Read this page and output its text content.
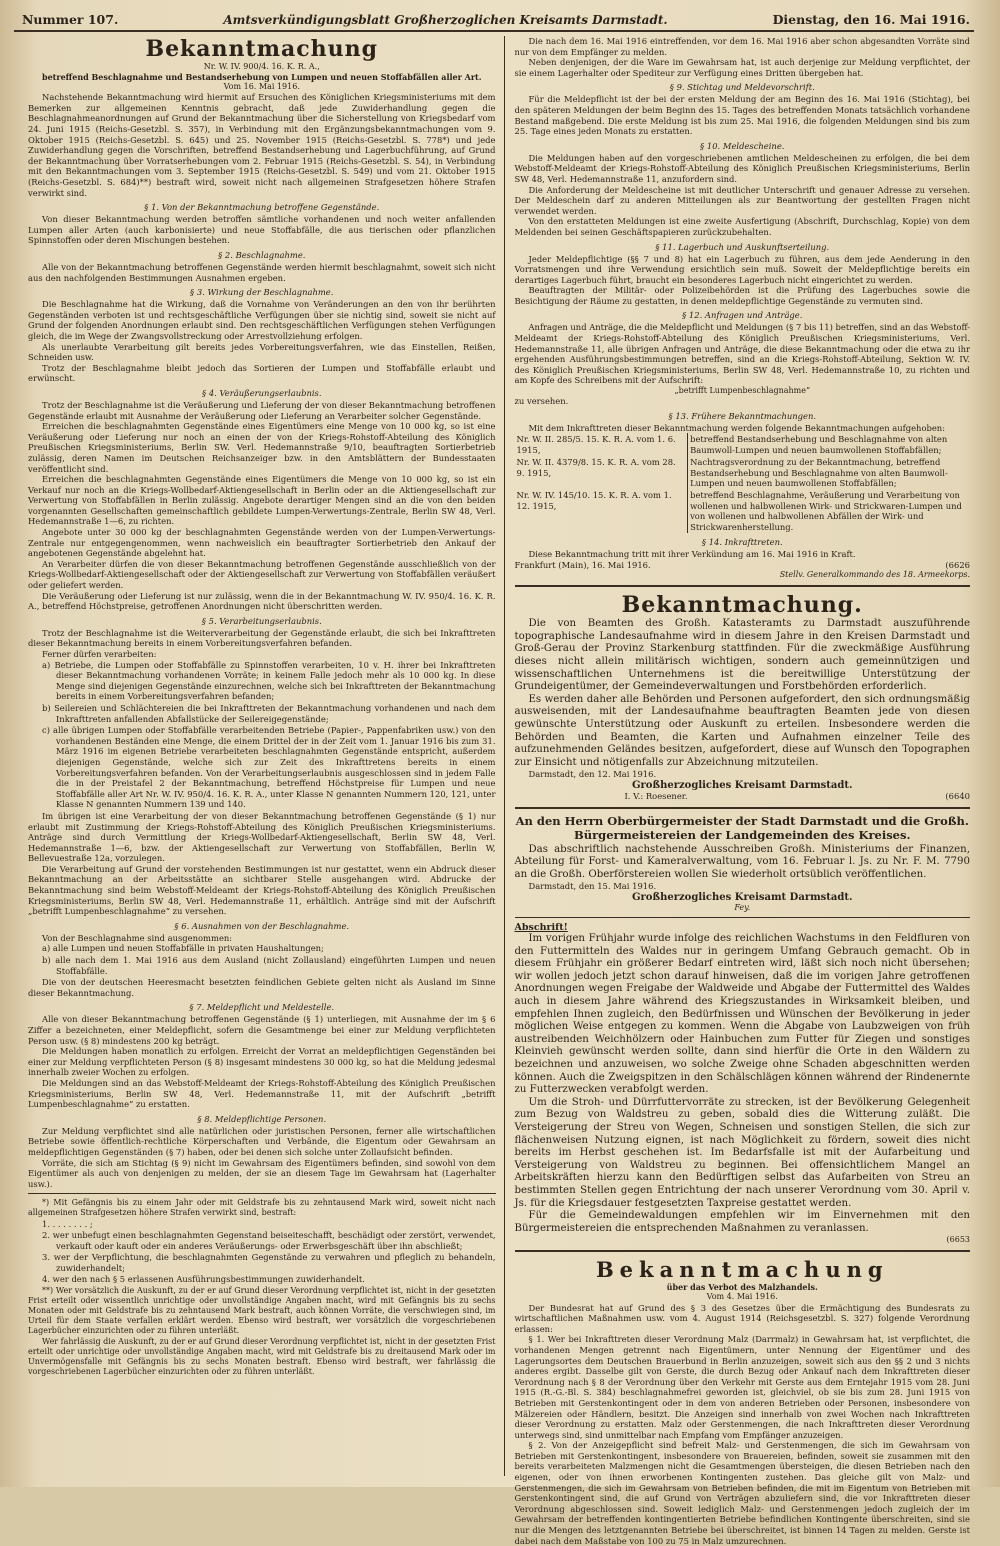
Nummer 107.	Amtsverkündigungsblatt Großherzoglichen Kreisamts Darmstadt.	Dienstag, den 16. Mai 1916.
Bekanntmachung
Nr. W. IV. 900/4. 16. K. R. A.,
betreffend Beschlagnahme und Bestandserhebung von Lumpen und neuen Stoffabfällen aller Art.
Vom 16. Mai 1916.

Nachstehende Bekanntmachung wird hiermit auf Ersuchen des Königlichen Kriegsministeriums mit dem Bemerken zur allgemeinen Kenntnis gebracht, daß jede Zuwiderhandlung gegen die Beschlagnahmeanordnungen auf Grund der Bekanntmachung über die Sicherstellung von Kriegsbedarf vom 24. Juni 1915 (Reichs-Gesetzbl. S. 357), in Verbindung mit den Ergänzungsbekanntmachungen vom 9. Oktober 1915 (Reichs-Gesetzbl. S. 645) und 25. November 1915 (Reichs-Gesetzbl. S. 778*) und jede Zuwiderhandlung gegen die Vorschriften, betreffend Bestandserhebung und Lagerbuchführung, auf Grund der Bekanntmachung über Vorratserhebungen vom 2. Februar 1915 (Reichs-Gesetzbl. S. 54), in Verbindung mit den Bekanntmachungen vom 3. September 1915 (Reichs-Gesetzbl. S. 549) und vom 21. Oktober 1915 (Reichs-Gesetzbl. S. 684)**) bestraft wird, soweit nicht nach allgemeinen Strafgesetzen höhere Strafen verwirkt sind.

§ 1. Von der Bekanntmachung betroffene Gegenstände.

Von dieser Bekanntmachung werden betroffen sämtliche vorhandenen und noch weiter anfallenden Lumpen aller Arten (auch karbonisierte) und neue Stoffabfälle, die aus tierischen oder pflanzlichen Spinnstoffen oder deren Mischungen bestehen.

§ 2. Beschlagnahme.

Alle von der Bekanntmachung betroffenen Gegenstände werden hiermit beschlagnahmt, soweit sich nicht aus den nachfolgenden Bestimmungen Ausnahmen ergeben.

§ 3. Wirkung der Beschlagnahme.

Die Beschlagnahme hat die Wirkung, daß die Vornahme von Veränderungen an den von ihr berührten Gegenständen verboten ist und rechtsgeschäftliche Verfügungen über sie nichtig sind, soweit sie nicht auf Grund der folgenden Anordnungen erlaubt sind. Den rechtsgeschäftlichen Verfügungen stehen Verfügungen gleich, die im Wege der Zwangsvollstreckung oder Arrestvollziehung erfolgen.

Als unerlaubte Verarbeitung gilt bereits jedes Vorbereitungsverfahren, wie das Einstellen, Reißen, Schneiden usw.

Trotz der Beschlagnahme bleibt jedoch das Sortieren der Lumpen und Stoffabfälle erlaubt und erwünscht.

§ 4. Veräußerungserlaubnis.

Trotz der Beschlagnahme ist die Veräußerung und Lieferung der von dieser Bekanntmachung betroffenen Gegenstände erlaubt mit Ausnahme der Veräußerung oder Lieferung an Verarbeiter solcher Gegenstände.

Erreichen die beschlagnahmten Gegenstände eines Eigentümers eine Menge von 10 000 kg, so ist eine Veräußerung oder Lieferung nur noch an einen der von der Kriegs-Rohstoff-Abteilung des Königlich Preußischen Kriegsministeriums, Berlin SW. Verl. Hedemannstraße 9/10, beauftragten Sortierbetrieb zulässig, deren Namen im Deutschen Reichsanzeiger bzw. in den Amtsblättern der Bundesstaaten veröffentlicht sind.

Erreichen die beschlagnahmten Gegenstände eines Eigentümers die Menge von 10 000 kg, so ist ein Verkauf nur noch an die Kriegs-Wollbedarf-Aktiengesellschaft in Berlin oder an die Aktiengesellschaft zur Verwertung von Stoffabfällen in Berlin zulässig. Angebote derartiger Mengen sind an die von den beiden vorgenannten Gesellschaften gemeinschaftlich gebildete Lumpen-Verwertungs-Zentrale, Berlin SW 48, Verl. Hedemannstraße 1—6, zu richten.

Angebote unter 30 000 kg der beschlagnahmten Gegenstände werden von der Lumpen-Verwertungs-Zentrale nur entgegengenommen, wenn nachweislich ein beauftragter Sortierbetrieb den Ankauf der angebotenen Gegenstände abgelehnt hat.

An Verarbeiter dürfen die von dieser Bekanntmachung betroffenen Gegenstände ausschließlich von der Kriegs-Wollbedarf-Aktiengesellschaft oder der Aktiengesellschaft zur Verwertung von Stoffabfällen veräußert oder geliefert werden.

Die Veräußerung oder Lieferung ist nur zulässig, wenn die in der Bekanntmachung W. IV. 950/4. 16. K. R. A., betreffend Höchstpreise, getroffenen Anordnungen nicht überschritten werden.

§ 5. Verarbeitungserlaubnis.

Trotz der Beschlagnahme ist die Weiterverarbeitung der Gegenstände erlaubt, die sich bei Inkrafttreten dieser Bekanntmachung bereits in einem Vorbereitungsverfahren befanden.

Ferner dürfen verarbeiten:

a) Betriebe, die Lumpen oder Stoffabfälle zu Spinnstoffen verarbeiten, 10 v. H. ihrer bei Inkrafttreten dieser Bekanntmachung vorhandenen Vorräte; in keinem Falle jedoch mehr als 10 000 kg. In diese Menge sind diejenigen Gegenstände einzurechnen, welche sich bei Inkrafttreten der Bekanntmachung bereits in einem Vorbereitungsverfahren befanden;
b) Seilereien und Schlächtereien die bei Inkrafttreten der Bekanntmachung vorhandenen und nach dem Inkrafttreten anfallenden Abfallstücke der Seilereigegenstände;
c) alle übrigen Lumpen oder Stoffabfälle verarbeitenden Betriebe (Papier-, Pappenfabriken usw.) von den vorhandenen Beständen eine Menge, die einem Drittel der in der Zeit vom 1. Januar 1916 bis zum 31. März 1916 im eigenen Betriebe verarbeiteten beschlagnahmten Gegenstände entspricht, außerdem diejenigen Gegenstände, welche sich zur Zeit des Inkrafttretens bereits in einem Vorbereitungsverfahren befanden. Von der Verarbeitungserlaubnis ausgeschlossen sind in jedem Falle die in der Preistafel 2 der Bekanntmachung, betreffend Höchstpreise für Lumpen und neue Stoffabfälle aller Art Nr. W. IV. 950/4. 16. K. R. A., unter Klasse N genannten Nummern 120, 121, unter Klasse N genannten Nummern 139 und 140.

Im übrigen ist eine Verarbeitung der von dieser Bekanntmachung betroffenen Gegenstände (§ 1) nur erlaubt mit Zustimmung der Kriegs-Rohstoff-Abteilung des Königlich Preußischen Kriegsministeriums. Anträge sind durch Vermittlung der Kriegs-Wollbedarf-Aktiengesellschaft, Berlin SW 48, Verl. Hedemannstraße 1—6, bzw. der Aktiengesellschaft zur Verwertung von Stoffabfällen, Berlin W, Bellevuestraße 12a, vorzulegen.

Die Verarbeitung auf Grund der vorstehenden Bestimmungen ist nur gestattet, wenn ein Abdruck dieser Bekanntmachung an der Arbeitsstätte an sichtbarer Stelle ausgehangen wird. Abdrucke der Bekanntmachung sind beim Webstoff-Meldeamt der Kriegs-Rohstoff-Abteilung des Königlich Preußischen Kriegsministeriums, Berlin SW 48, Verl. Hedemannstraße 11, erhältlich. Anträge sind mit der Aufschrift „betrifft Lumpenbeschlagnahme“ zu versehen.

§ 6. Ausnahmen von der Beschlagnahme.

Von der Beschlagnahme sind ausgenommen:

a) alle Lumpen und neuen Stoffabfälle in privaten Haushaltungen;
b) alle nach dem 1. Mai 1916 aus dem Ausland (nicht Zollausland) eingeführten Lumpen und neuen Stoffabfälle.

Die von der deutschen Heeresmacht besetzten feindlichen Gebiete gelten nicht als Ausland im Sinne dieser Bekanntmachung.

§ 7. Meldepflicht und Meldestelle.

Alle von dieser Bekanntmachung betroffenen Gegenstände (§ 1) unterliegen, mit Ausnahme der im § 6 Ziffer a bezeichneten, einer Meldepflicht, sofern die Gesamtmenge bei einer zur Meldung verpflichteten Person usw. (§ 8) mindestens 200 kg beträgt.

Die Meldungen haben monatlich zu erfolgen. Erreicht der Vorrat an meldepflichtigen Gegenständen bei einer zur Meldung verpflichteten Person (§ 8) insgesamt mindestens 30 000 kg, so hat die Meldung jedesmal innerhalb zweier Wochen zu erfolgen.

Die Meldungen sind an das Webstoff-Meldeamt der Kriegs-Rohstoff-Abteilung des Königlich Preußischen Kriegsministeriums, Berlin SW 48, Verl. Hedemannstraße 11, mit der Aufschrift „betrifft Lumpenbeschlagnahme“ zu erstatten.

§ 8. Meldepflichtige Personen.

Zur Meldung verpflichtet sind alle natürlichen oder juristischen Personen, ferner alle wirtschaftlichen Betriebe sowie öffentlich-rechtliche Körperschaften und Verbände, die Eigentum oder Gewahrsam an meldepflichtigen Gegenständen (§ 7) haben, oder bei denen sich solche unter Zollaufsicht befinden.

Vorräte, die sich am Stichtag (§ 9) nicht im Gewahrsam des Eigentümers befinden, sind sowohl von dem Eigentümer als auch von denjenigen zu melden, der sie an diesem Tage im Gewahrsam hat (Lagerhalter usw.).

*) Mit Gefängnis bis zu einem Jahr oder mit Geldstrafe bis zu zehntausend Mark wird, soweit nicht nach allgemeinen Strafgesetzen höhere Strafen verwirkt sind, bestraft:

1. . . . . . . . ;
2. wer unbefugt einen beschlagnahmten Gegenstand beiseiteschafft, beschädigt oder zerstört, verwendet, verkauft oder kauft oder ein anderes Veräußerungs- oder Erwerbsgeschäft über ihn abschließt;
3. wer der Verpflichtung, die beschlagnahmten Gegenstände zu verwahren und pfleglich zu behandeln, zuwiderhandelt;
4. wer den nach § 5 erlassenen Ausführungsbestimmungen zuwiderhandelt.

**) Wer vorsätzlich die Auskunft, zu der er auf Grund dieser Verordnung verpflichtet ist, nicht in der gesetzten Frist erteilt oder wissentlich unrichtige oder unvollständige Angaben macht, wird mit Gefängnis bis zu sechs Monaten oder mit Geldstrafe bis zu zehntausend Mark bestraft, auch können Vorräte, die verschwiegen sind, im Urteil für dem Staate verfallen erklärt werden. Ebenso wird bestraft, wer vorsätzlich die vorgeschriebenen Lagerbücher einzurichten oder zu führen unterläßt.

Wer fahrlässig die Auskunft, zu der er auf Grund dieser Verordnung verpflichtet ist, nicht in der gesetzten Frist erteilt oder unrichtige oder unvollständige Angaben macht, wird mit Geldstrafe bis zu dreitausend Mark oder im Unvermögensfalle mit Gefängnis bis zu sechs Monaten bestraft. Ebenso wird bestraft, wer fahrlässig die vorgeschriebenen Lagerbücher einzurichten oder zu führen unterläßt.

Die nach dem 16. Mai 1916 eintreffenden, vor dem 16. Mai 1916 aber schon abgesandten Vorräte sind nur von dem Empfänger zu melden.

Neben denjenigen, der die Ware im Gewahrsam hat, ist auch derjenige zur Meldung verpflichtet, der sie einem Lagerhalter oder Spediteur zur Verfügung eines Dritten übergeben hat.

§ 9. Stichtag und Meldevorschrift.

Für die Meldepflicht ist der bei der ersten Meldung der am Beginn des 16. Mai 1916 (Stichtag), bei den späteren Meldungen der beim Beginn des 15. Tages des betreffenden Monats tatsächlich vorhandene Bestand maßgebend. Die erste Meldung ist bis zum 25. Mai 1916, die folgenden Meldungen sind bis zum 25. Tage eines jeden Monats zu erstatten.

§ 10. Meldescheine.

Die Meldungen haben auf den vorgeschriebenen amtlichen Meldescheinen zu erfolgen, die bei dem Webstoff-Meldeamt der Kriegs-Rohstoff-Abteilung des Königlich Preußischen Kriegsministeriums, Berlin SW 48, Verl. Hedemannstraße 11, anzufordern sind.

Die Anforderung der Meldescheine ist mit deutlicher Unterschrift und genauer Adresse zu versehen. Der Meldeschein darf zu anderen Mitteilungen als zur Beantwortung der gestellten Fragen nicht verwendet werden.

Von den erstatteten Meldungen ist eine zweite Ausfertigung (Abschrift, Durchschlag, Kopie) von dem Meldenden bei seinen Geschäftspapieren zurückzubehalten.

§ 11. Lagerbuch und Auskunftserteilung.

Jeder Meldepflichtige (§§ 7 und 8) hat ein Lagerbuch zu führen, aus dem jede Aenderung in den Vorratsmengen und ihre Verwendung ersichtlich sein muß. Soweit der Meldepflichtige bereits ein derartiges Lagerbuch führt, braucht ein besonderes Lagerbuch nicht eingerichtet zu werden.

Beauftragten der Militär- oder Polizeibehörden ist die Prüfung des Lagerbuches sowie die Besichtigung der Räume zu gestatten, in denen meldepflichtige Gegenstände zu vermuten sind.

§ 12. Anfragen und Anträge.

Anfragen und Anträge, die die Meldepflicht und Meldungen (§ 7 bis 11) betreffen, sind an das Webstoff-Meldeamt der Kriegs-Rohstoff-Abteilung des Königlich Preußischen Kriegsministeriums, Verl. Hedemannstraße 11, alle übrigen Anfragen und Anträge, die diese Bekanntmachung oder die etwa zu ihr ergehenden Ausführungsbestimmungen betreffen, sind an die Kriegs-Rohstoff-Abteilung, Sektion W. IV. des Königlich Preußischen Kriegsministeriums, Berlin SW 48, Verl. Hedemannstraße 10, zu richten und am Kopfe des Schreibens mit der Aufschrift:

„betrifft Lumpenbeschlagnahme“

zu versehen.

§ 13. Frühere Bekanntmachungen.

Mit dem Inkrafttreten dieser Bekanntmachung werden folgende Bekanntmachungen aufgehoben:

Nr. W. II. 285/5. 15. K. R. A. vom 1. 6. 1915,	betreffend Bestandserhebung und Beschlagnahme von alten Baumwoll-Lumpen und neuen baumwollenen Stoffabfällen;
Nr. W. II. 4379/8. 15. K. R. A. vom 28. 9. 1915,	Nachtragsverordnung zu der Bekanntmachung, betreffend Bestandserhebung und Beschlagnahme von alten Baumwoll-Lumpen und neuen baumwollenen Stoffabfällen;
Nr. W. IV. 145/10. 15. K. R. A. vom 1. 12. 1915,	betreffend Beschlagnahme, Veräußerung und Verarbeitung von wollenen und halbwollenen Wirk- und Strickwaren-Lumpen und von wollenen und halbwollenen Abfällen der Wirk- und Strickwarenherstellung.
§ 14. Inkrafttreten.

Diese Bekanntmachung tritt mit ihrer Verkündung am 16. Mai 1916 in Kraft.

Frankfurt (Main), 16. Mai 1916.	(6626
Stellv. Generalkommando des 18. Armeekorps.
Bekanntmachung.

Die von Beamten des Großh. Katasteramts zu Darmstadt auszuführende topographische Landesaufnahme wird in diesem Jahre in den Kreisen Darmstadt und Groß-Gerau der Provinz Starkenburg stattfinden. Für die zweckmäßige Ausführung dieses nicht allein militärisch wichtigen, sondern auch gemeinnützigen und wissenschaftlichen Unternehmens ist die bereitwillige Unterstützung der Grundeigentümer, der Gemeindeverwaltungen und Forstbehörden erforderlich.

Es werden daher alle Behörden und Personen aufgefordert, den sich ordnungsmäßig ausweisenden, mit der Landesaufnahme beauftragten Beamten jede von diesen gewünschte Unterstützung oder Auskunft zu erteilen. Insbesondere werden die Behörden und Beamten, die Karten und Aufnahmen einzelner Teile des aufzunehmenden Geländes besitzen, aufgefordert, diese auf Wunsch den Topographen zur Einsicht und nötigenfalls zur Abzeichnung mitzuteilen.

Darmstadt, den 12. Mai 1916.
Großherzogliches Kreisamt Darmstadt.
I. V.: Roesener.	(6640
An den Herrn Oberbürgermeister der Stadt Darmstadt und die Großh. Bürgermeistereien der Landgemeinden des Kreises.

Das abschriftlich nachstehende Ausschreiben Großh. Ministeriums der Finanzen, Abteilung für Forst- und Kameralverwaltung, vom 16. Februar l. Js. zu Nr. F. M. 7790 an die Großh. Oberförstereien wollen Sie wiederholt ortsüblich veröffentlichen.

Darmstadt, den 15. Mai 1916.
Großherzogliches Kreisamt Darmstadt.
Fey.
Abschrift!

Im vorigen Frühjahr wurde infolge des reichlichen Wachstums in den Feldfluren von den Futtermitteln des Waldes nur in geringem Umfang Gebrauch gemacht. Ob in diesem Frühjahr ein größerer Bedarf eintreten wird, läßt sich noch nicht übersehen; wir wollen jedoch jetzt schon darauf hinweisen, daß die im vorigen Jahre getroffenen Anordnungen wegen Freigabe der Waldweide und Abgabe der Futtermittel des Waldes auch in diesem Jahre während des Kriegszustandes in Wirksamkeit bleiben, und empfehlen Ihnen zugleich, den Bedürfnissen und Wünschen der Bevölkerung in jeder möglichen Weise entgegen zu kommen. Wenn die Abgabe von Laubzweigen von früh austreibenden Weichhölzern oder Hainbuchen zum Futter für Ziegen und sonstiges Kleinvieh gewünscht werden sollte, dann sind hierfür die Orte in den Wäldern zu bezeichnen und anzuweisen, wo solche Zweige ohne Schaden abgeschnitten werden können. Auch die Zweigspitzen in den Schälschlägen können während der Rindenernte zu Futterzwecken verabfolgt werden.

Um die Stroh- und Dürrfuttervorräte zu strecken, ist der Bevölkerung Gelegenheit zum Bezug von Waldstreu zu geben, sobald dies die Witterung zuläßt. Die Versteigerung der Streu von Wegen, Schneisen und sonstigen Stellen, die sich zur flächenweisen Nutzung eignen, ist nach Möglichkeit zu fördern, soweit dies nicht bereits im Herbst geschehen ist. Im Bedarfsfalle ist mit der Aufarbeitung und Versteigerung von Waldstreu zu beginnen. Bei offensichtlichem Mangel an Arbeitskräften hierzu kann den Bedürftigen selbst das Aufarbeiten von Streu an bestimmten Stellen gegen Entrichtung der nach unserer Verordnung vom 30. April v. Js. für die Kriegsdauer festgesetzten Taxpreise gestattet werden.

Für die Gemeindewaldungen empfehlen wir im Einvernehmen mit den Bürgermeistereien die entsprechenden Maßnahmen zu veranlassen.

(6653
Bekanntmachung
über das Verbot des Malzhandels.
Vom 4. Mai 1916.

Der Bundesrat hat auf Grund des § 3 des Gesetzes über die Ermächtigung des Bundesrats zu wirtschaftlichen Maßnahmen usw. vom 4. August 1914 (Reichsgesetzbl. S. 327) folgende Verordnung erlassen:

§ 1. Wer bei Inkrafttreten dieser Verordnung Malz (Darrmalz) in Gewahrsam hat, ist verpflichtet, die vorhandenen Mengen getrennt nach Eigentümern, unter Nennung der Eigentümer und des Lagerungsortes dem Deutschen Brauerbund in Berlin anzuzeigen, soweit sich aus den §§ 2 und 3 nichts anderes ergibt. Dasselbe gilt von Gerste, die durch Bezug oder Ankauf nach dem Inkrafttreten dieser Verordnung nach § 8 der Verordnung über den Verkehr mit Gerste aus dem Erntejahr 1915 vom 28. Juni 1915 (R.-G.-Bl. S. 384) beschlagnahmefrei geworden ist, gleichviel, ob sie bis zum 28. Juni 1915 von Betrieben mit Gerstenkontingent oder in dem von anderen Betrieben oder Personen, insbesondere von Mälzereien oder Händlern, besitzt. Die Anzeigen sind innerhalb von zwei Wochen nach Inkrafttreten dieser Verordnung zu erstatten. Malz oder Gerstenmengen, die nach Inkrafttreten dieser Verordnung unterwegs sind, sind unmittelbar nach Empfang vom Empfänger anzuzeigen.

§ 2. Von der Anzeigepflicht sind befreit Malz- und Gerstenmengen, die sich im Gewahrsam von Betrieben mit Gerstenkontingent, insbesondere von Brauereien, befinden, soweit sie zusammen mit den bereits verarbeiteten Malzmengen nicht die Gesamtmengen übersteigen, die diesen Betrieben nach den eigenen, oder von ihnen erworbenen Kontingenten zustehen. Das gleiche gilt von Malz- und Gerstenmengen, die sich im Gewahrsam von Betrieben befinden, die mit im Eigentum von Betrieben mit Gerstenkontingent sind, die auf Grund von Verträgen abzuliefern sind, die vor Inkrafttreten dieser Verordnung abgeschlossen sind. Soweit lediglich Malz- und Gerstenmengen jedoch zugleich der im Gewahrsam der betreffenden kontingentierten Betriebe befindlichen Kontingente überschreiten, sind sie nur die Mengen des letztgenannten Betriebe bei überschreitet, ist binnen 14 Tagen zu melden. Gerste ist dabei nach dem Maßstabe von 100 zu 75 in Malz umzurechnen.
